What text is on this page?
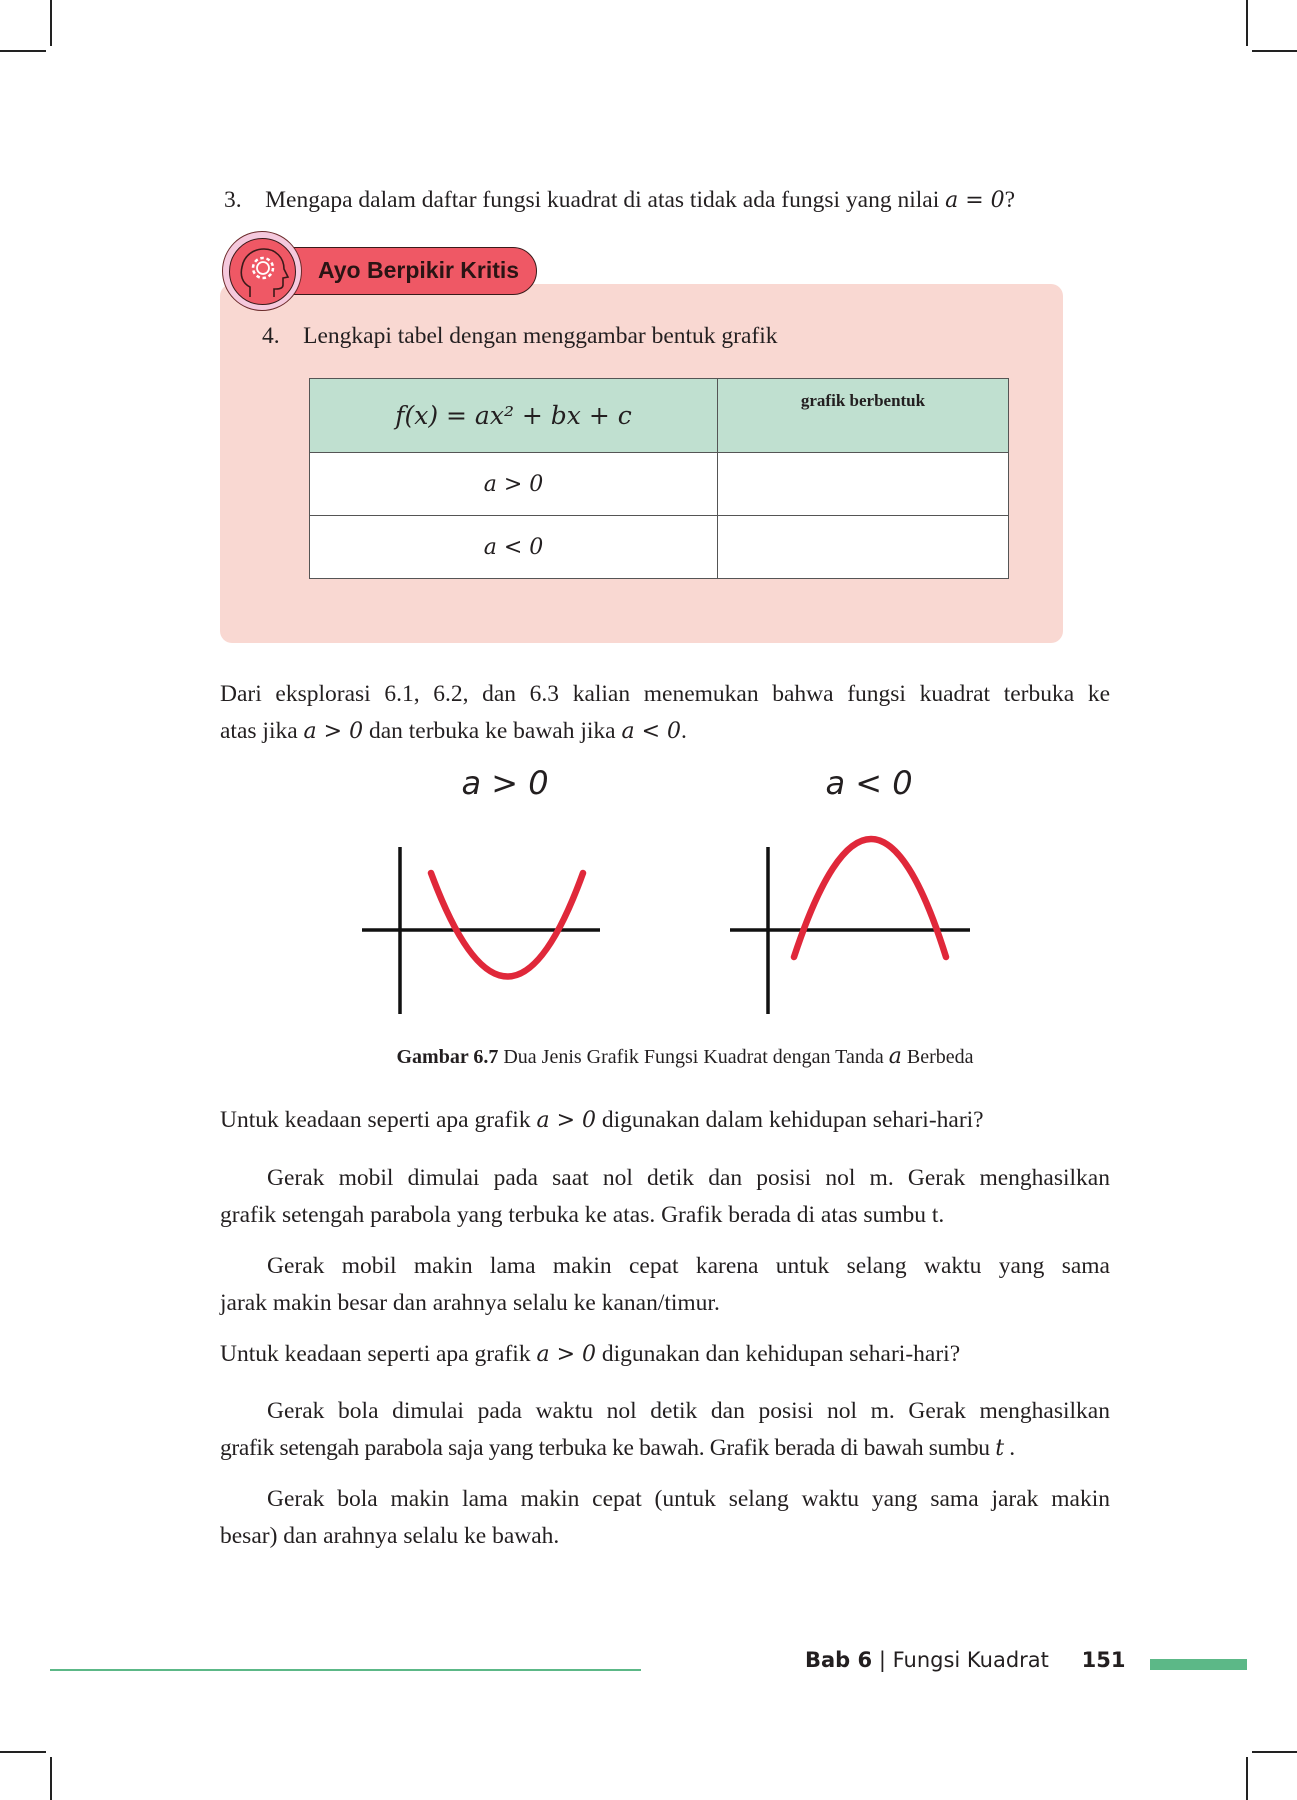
3. Mengapa dalam daftar fungsi kuadrat di atas tidak ada fungsi yang nilai a = 0?
Ayo Berpikir Kritis
4. Lengkapi tabel dengan menggambar bentuk grafik
f(x) = ax² + bx + c	grafik berbentuk
a > 0	
a < 0	
Dari eksplorasi 6.1, 6.2, dan 6.3 kalian menemukan bahwa fungsi kuadrat terbuka ke
atas jika a > 0 dan terbuka ke bawah jika a < 0.
a > 0	a < 0
Gambar 6.7 Dua Jenis Grafik Fungsi Kuadrat dengan Tanda a Berbeda
Untuk keadaan seperti apa grafik a > 0 digunakan dalam kehidupan sehari-hari?
Gerak mobil dimulai pada saat nol detik dan posisi nol m. Gerak menghasilkan
grafik setengah parabola yang terbuka ke atas. Grafik berada di atas sumbu t.
Gerak mobil makin lama makin cepat karena untuk selang waktu yang sama
jarak makin besar dan arahnya selalu ke kanan/timur.
Untuk keadaan seperti apa grafik a > 0 digunakan dan kehidupan sehari-hari?
Gerak bola dimulai pada waktu nol detik dan posisi nol m. Gerak menghasilkan
grafik setengah parabola saja yang terbuka ke bawah. Grafik berada di bawah sumbu t .
Gerak bola makin lama makin cepat (untuk selang waktu yang sama jarak makin
besar) dan arahnya selalu ke bawah.
Bab 6 | Fungsi Kuadrat 151
